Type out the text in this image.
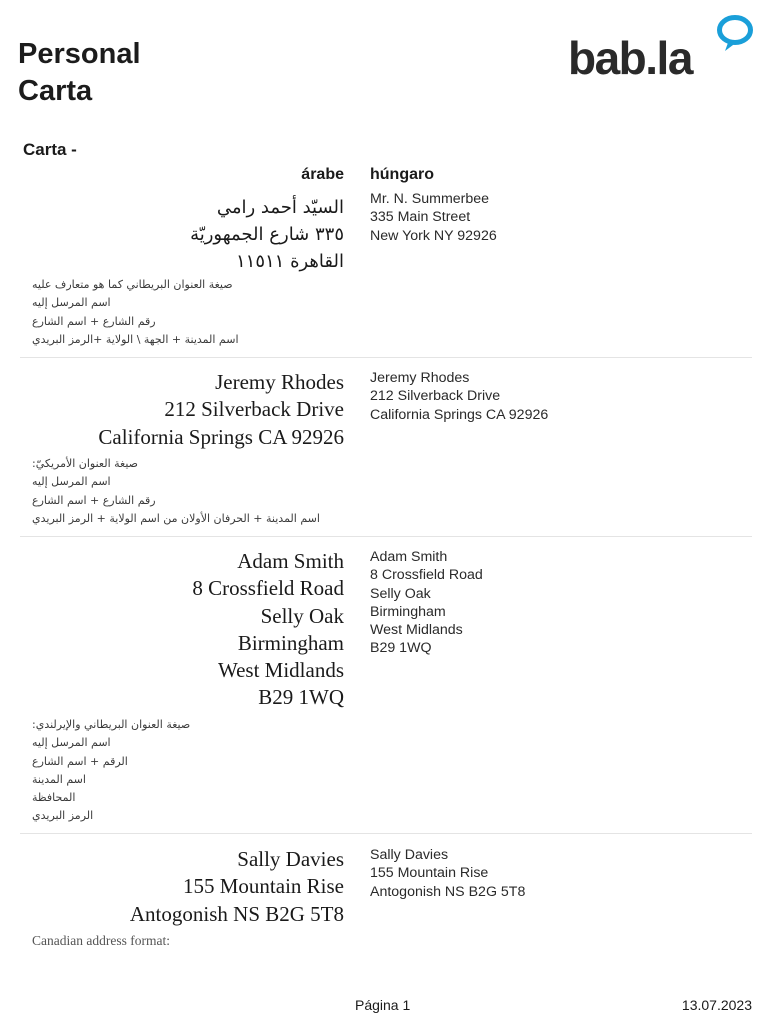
Personal
Carta
bab.la
Carta -
árabe húngaro
السيّد أحمد رامي
٣٣٥ شارع الجمهوريّة
القاهرة ١١٥١١
صيغة العنوان البريطاني كما هو متعارف عليه
اسم المرسل إليه
رقم الشارع + اسم الشارع
اسم المدينة + الجهة \ الولاية +الرمز البريدي
Mr. N. Summerbee
335 Main Street
New York NY 92926
Jeremy Rhodes
212 Silverback Drive
California Springs CA 92926
صيغة العنوان الأمريكيّ:
اسم المرسل إليه
رقم الشارع + اسم الشارع
اسم المدينة + الحرفان الأولان من اسم الولاية + الرمز البريدي
Jeremy Rhodes
212 Silverback Drive
California Springs CA 92926
Adam Smith
8 Crossfield Road
Selly Oak
Birmingham
West Midlands
B29 1WQ
صيغة العنوان البريطاني والإيرلندي:
اسم المرسل إليه
الرقم + اسم الشارع
اسم المدينة
المحافظة
الرمز البريدي
Adam Smith
8 Crossfield Road
Selly Oak
Birmingham
West Midlands
B29 1WQ
Sally Davies
155 Mountain Rise
Antogonish NS B2G 5T8
Canadian address format:
Sally Davies
155 Mountain Rise
Antogonish NS B2G 5T8
Página 1	13.07.2023
